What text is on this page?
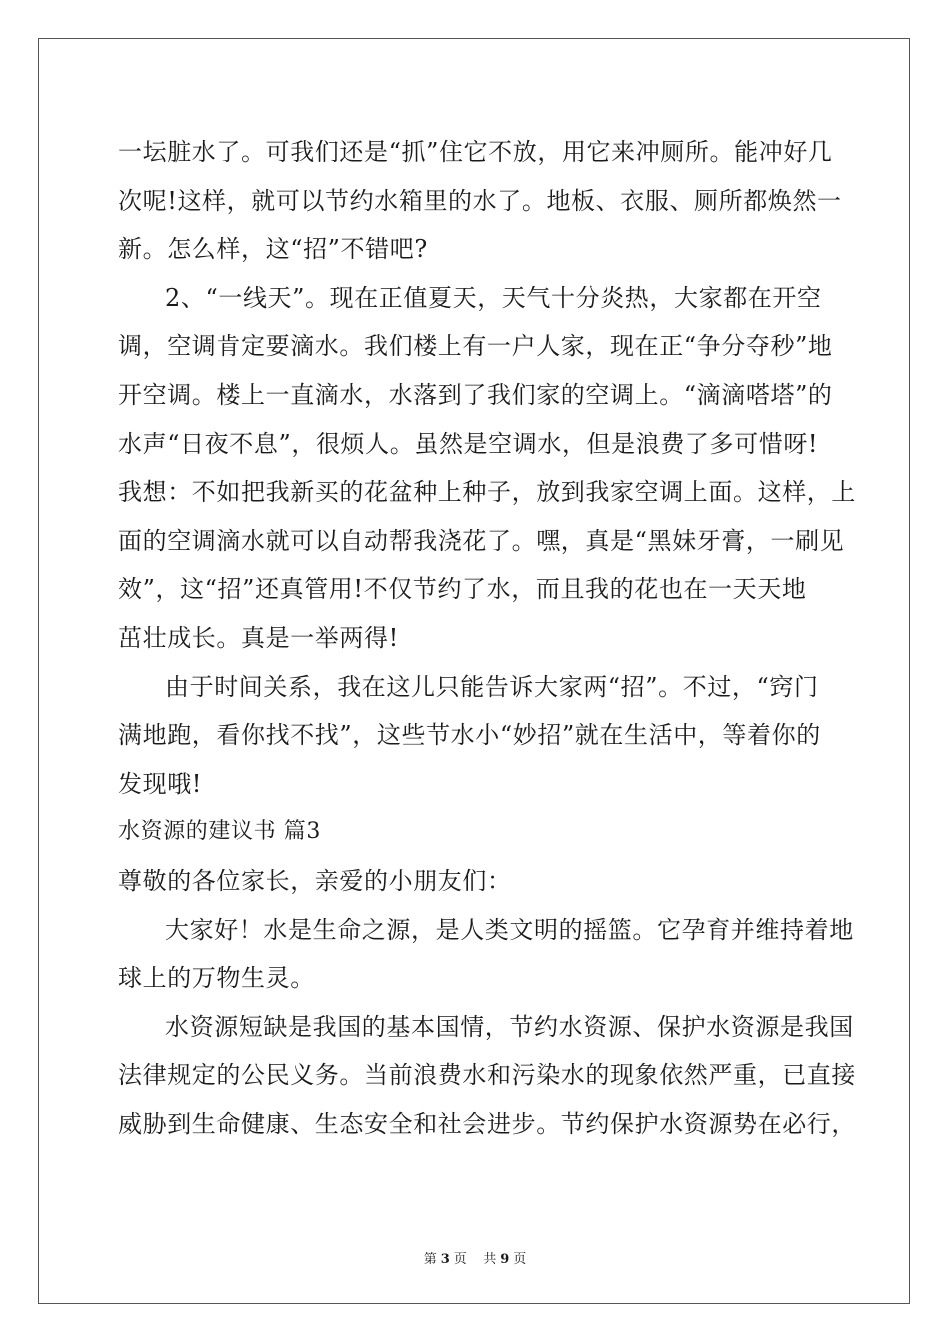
一坛脏水了。可我们还是“抓”住它不放，用它来冲厕所。能冲好几
次呢!这样，就可以节约水箱里的水了。地板、衣服、厕所都焕然一
新。怎么样，这“招”不错吧?
2、“一线天”。现在正值夏天，天气十分炎热，大家都在开空
调，空调肯定要滴水。我们楼上有一户人家，现在正“争分夺秒”地
开空调。楼上一直滴水，水落到了我们家的空调上。“滴滴嗒塔”的
水声“日夜不息”，很烦人。虽然是空调水，但是浪费了多可惜呀!
我想：不如把我新买的花盆种上种子，放到我家空调上面。这样，上
面的空调滴水就可以自动帮我浇花了。嘿，真是“黑妹牙膏，一刷见
效”，这“招”还真管用!不仅节约了水，而且我的花也在一天天地
茁壮成长。真是一举两得!
由于时间关系，我在这儿只能告诉大家两“招”。不过，“窍门
满地跑，看你找不找”，这些节水小“妙招”就在生活中，等着你的
发现哦!
水资源的建议书 篇3
尊敬的各位家长，亲爱的小朋友们：
大家好！水是生命之源，是人类文明的摇篮。它孕育并维持着地
球上的万物生灵。
水资源短缺是我国的基本国情，节约水资源、保护水资源是我国
法律规定的公民义务。当前浪费水和污染水的现象依然严重，已直接
威胁到生命健康、生态安全和社会进步。节约保护水资源势在必行，
第 3 页 共 9 页
